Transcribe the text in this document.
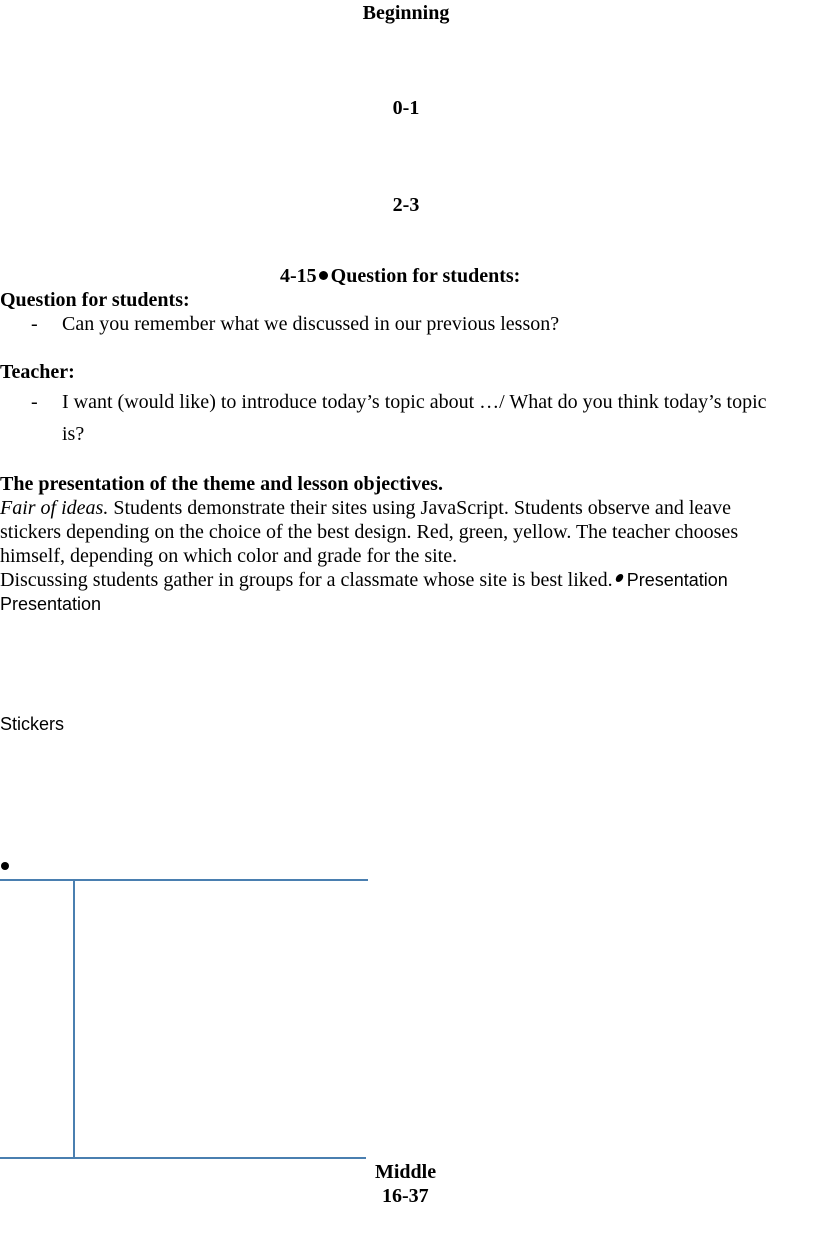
Beginning
0-1
2-3
4-15 Question for students:
Question for students:
- Can you remember what we discussed in our previous lesson?
Teacher:
- I want (would like) to introduce today’s topic about …/ What do you think today’s topic
is?
The presentation of the theme and lesson objectives.
Fair of ideas. Students demonstrate their sites using JavaScript. Students observe and leave
stickers depending on the choice of the best design. Red, green, yellow. The teacher chooses
himself, depending on which color and grade for the site.
Discussing students gather in groups for a classmate whose site is best liked. Presentation
Presentation
Stickers
Middle
16-37
